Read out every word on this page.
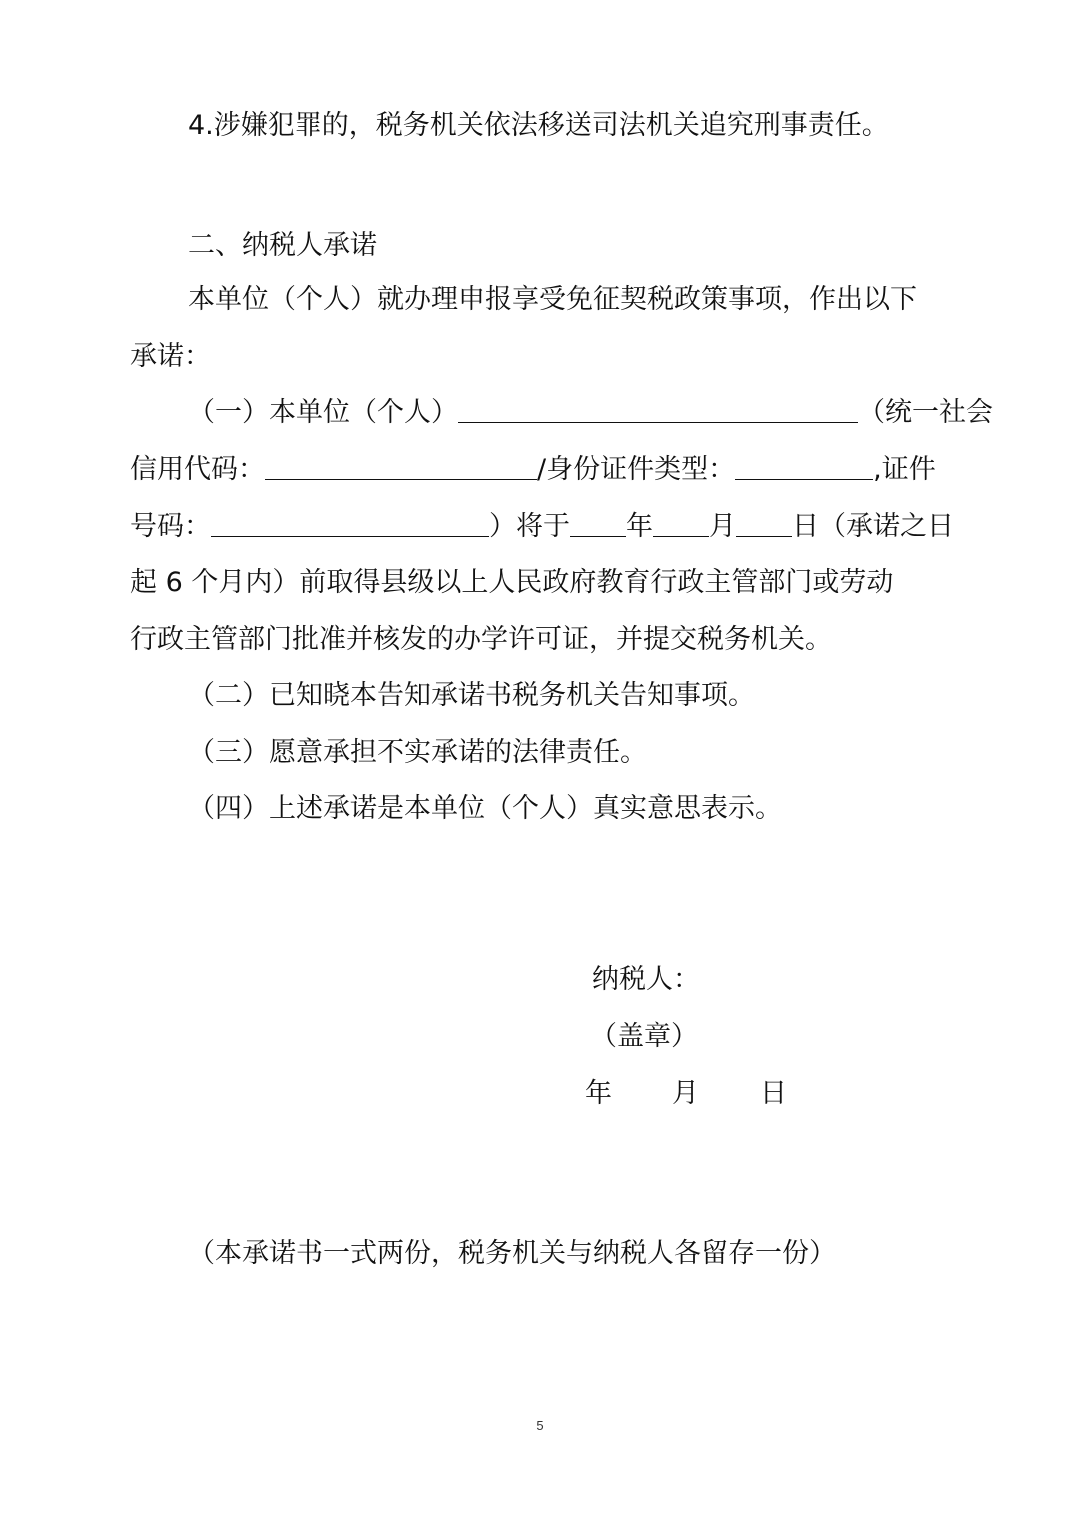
4.涉嫌犯罪的，税务机关依法移送司法机关追究刑事责任。
二、纳税人承诺
本单位（个人）就办理申报享受免征契税政策事项，作出以下
承诺：
（一）本单位（个人）	（统一社会
信用代码：	/身份证件类型：	,证件
号码：	）将于 年 月 日（承诺之日
起 6 个月内）前取得县级以上人民政府教育行政主管部门或劳动
行政主管部门批准并核发的办学许可证，并提交税务机关。
（二）已知晓本告知承诺书税务机关告知事项。
（三）愿意承担不实承诺的法律责任。
（四）上述承诺是本单位（个人）真实意思表示。
纳税人：
（盖章）
年 月 日
（本承诺书一式两份，税务机关与纳税人各留存一份）
5
